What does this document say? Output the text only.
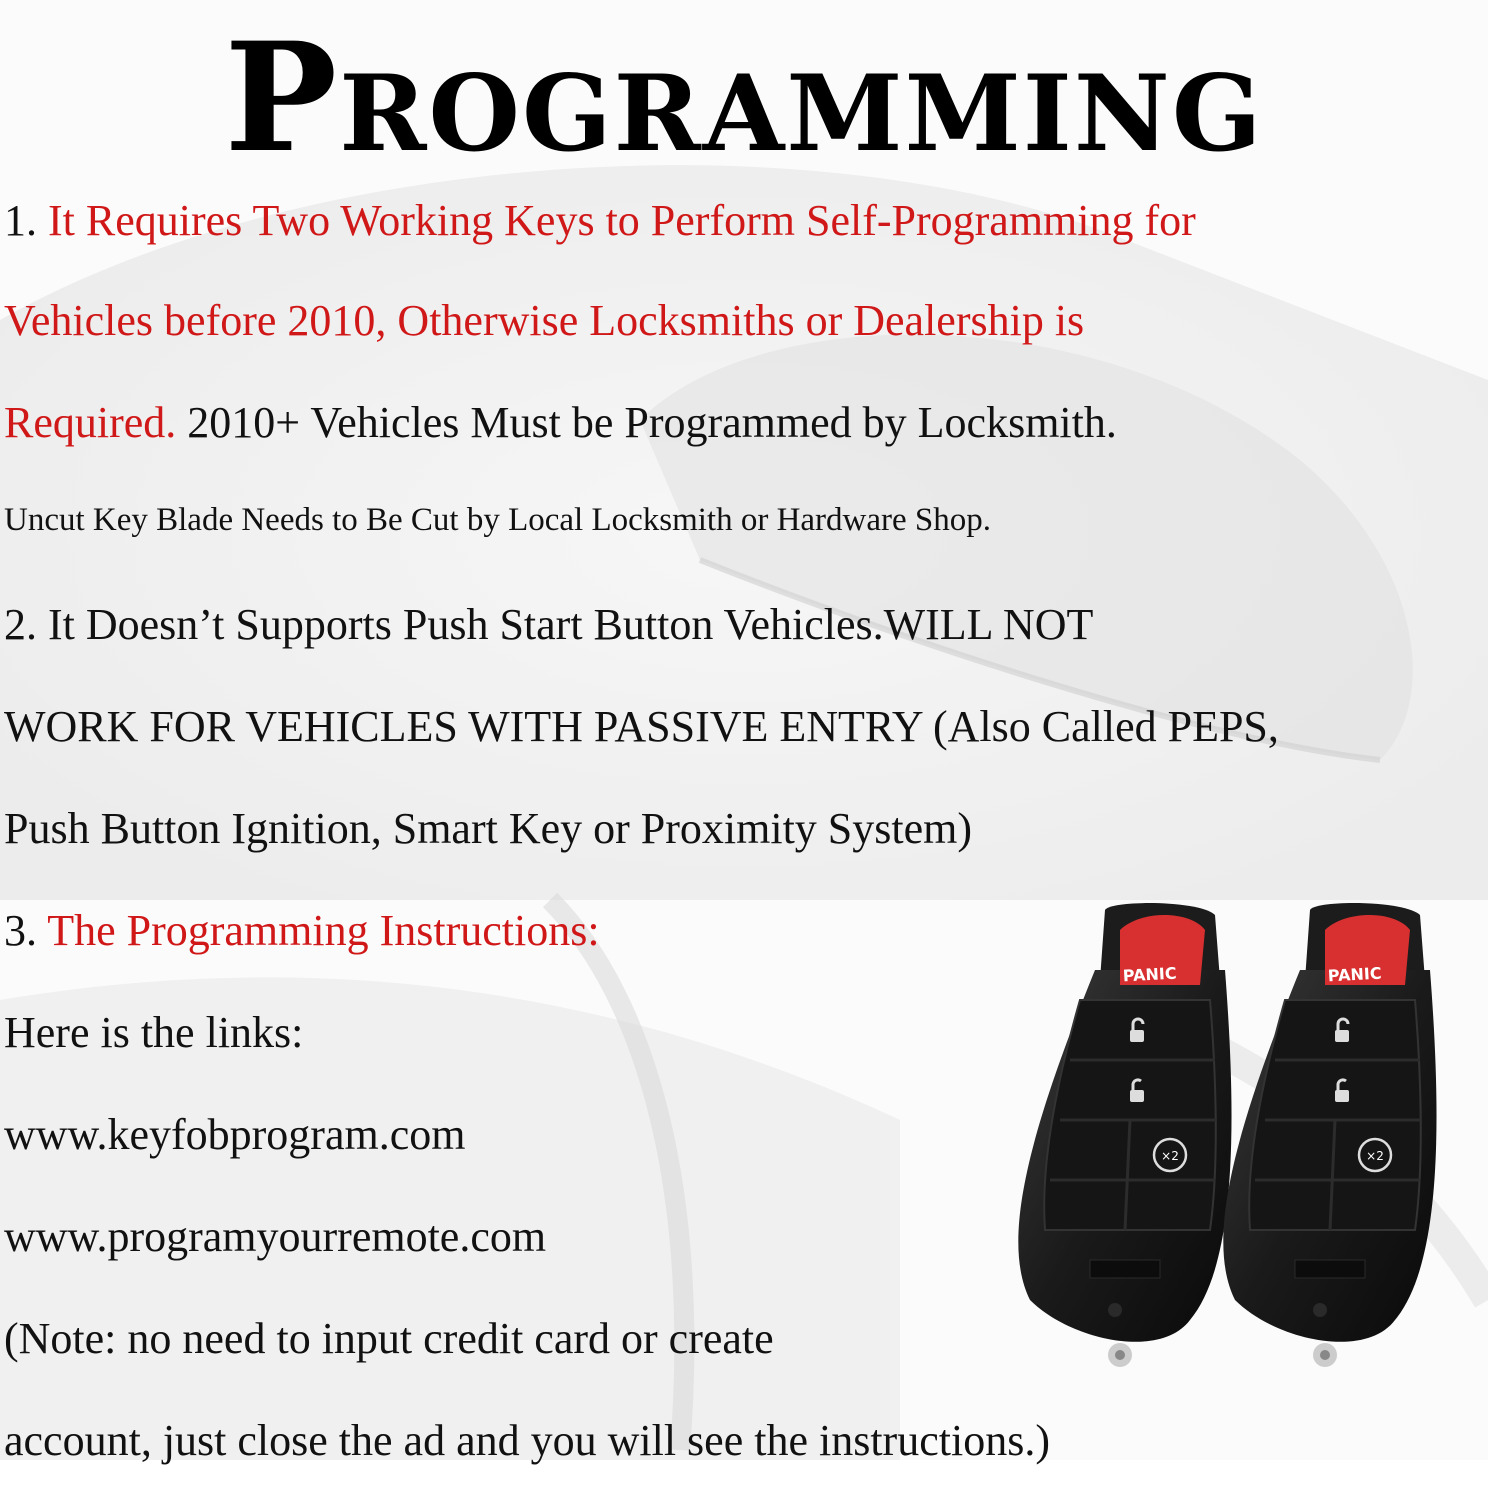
Programming
1. It Requires Two Working Keys to Perform Self-Programming for
Vehicles before 2010, Otherwise Locksmiths or Dealership is
Required. 2010+ Vehicles Must be Programmed by Locksmith.
Uncut Key Blade Needs to Be Cut by Local Locksmith or Hardware Shop.
2. It Doesn’t Supports Push Start Button Vehicles.WILL NOT
WORK FOR VEHICLES WITH PASSIVE ENTRY (Also Called PEPS,
Push Button Ignition, Smart Key or Proximity System)
3. The Programming Instructions:
Here is the links:
www.keyfobprogram.com
www.programyourremote.com
(Note: no need to input credit card or create
account, just close the ad and you will see the instructions.)
PANIC	PANIC
×2	×2
